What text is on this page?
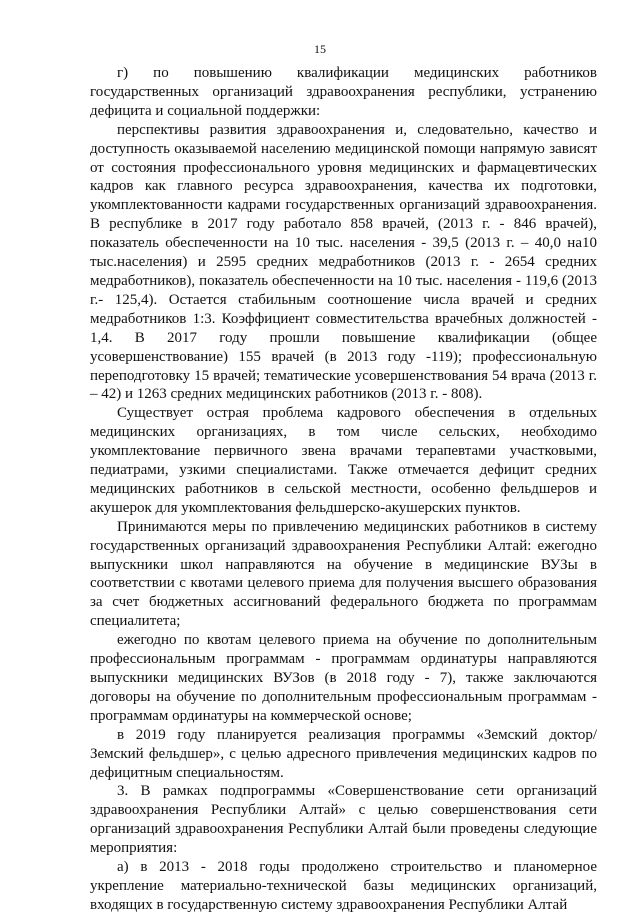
15

г) по повышению квалификации медицинских работников государственных организаций здравоохранения республики, устранению дефицита и социальной поддержки:

перспективы развития здравоохранения и, следовательно, качество и доступность оказываемой населению медицинской помощи напрямую зависят от состояния профессионального уровня медицинских и фармацевтических кадров как главного ресурса здравоохранения, качества их подготовки, укомплектованности кадрами государственных организаций здравоохранения. В республике в 2017 году работало 858 врачей, (2013 г. - 846 врачей), показатель обеспеченности на 10 тыс. населения - 39,5 (2013 г. – 40,0 на10 тыс.населения) и 2595 средних медработников (2013 г. - 2654 средних медработников), показатель обеспеченности на 10 тыс. населения - 119,6 (2013 г.- 125,4). Остается стабильным соотношение числа врачей и средних медработников 1:3. Коэффициент совместительства врачебных должностей - 1,4. В 2017 году прошли повышение квалификации (общее усовершенствование) 155 врачей (в 2013 году -119); профессиональную переподготовку 15 врачей; тематические усовершенствования 54 врача (2013 г. – 42) и 1263 средних медицинских работников (2013 г. - 808).

Существует острая проблема кадрового обеспечения в отдельных медицинских организациях, в том числе сельских, необходимо укомплектование первичного звена врачами терапевтами участковыми, педиатрами, узкими специалистами. Также отмечается дефицит средних медицинских работников в сельской местности, особенно фельдшеров и акушерок для укомплектования фельдшерско-акушерских пунктов.

Принимаются меры по привлечению медицинских работников в систему государственных организаций здравоохранения Республики Алтай: ежегодно выпускники школ направляются на обучение в медицинские ВУЗы в соответствии с квотами целевого приема для получения высшего образования за счет бюджетных ассигнований федерального бюджета по программам специалитета;

ежегодно по квотам целевого приема на обучение по дополнительным профессиональным программам - программам ординатуры направляются выпускники медицинских ВУЗов (в 2018 году - 7), также заключаются договоры на обучение по дополнительным профессиональным программам - программам ординатуры на коммерческой основе;

в 2019 году планируется реализация программы «Земский доктор/ Земский фельдшер», с целью адресного привлечения медицинских кадров по дефицитным специальностям.

3. В рамках подпрограммы «Совершенствование сети организаций здравоохранения Республики Алтай» с целью совершенствования сети организаций здравоохранения Республики Алтай были проведены следующие мероприятия:

а) в 2013 - 2018 годы продолжено строительство и планомерное укрепление материально-технической базы медицинских организаций, входящих в государственную систему здравоохранения Республики Алтай
